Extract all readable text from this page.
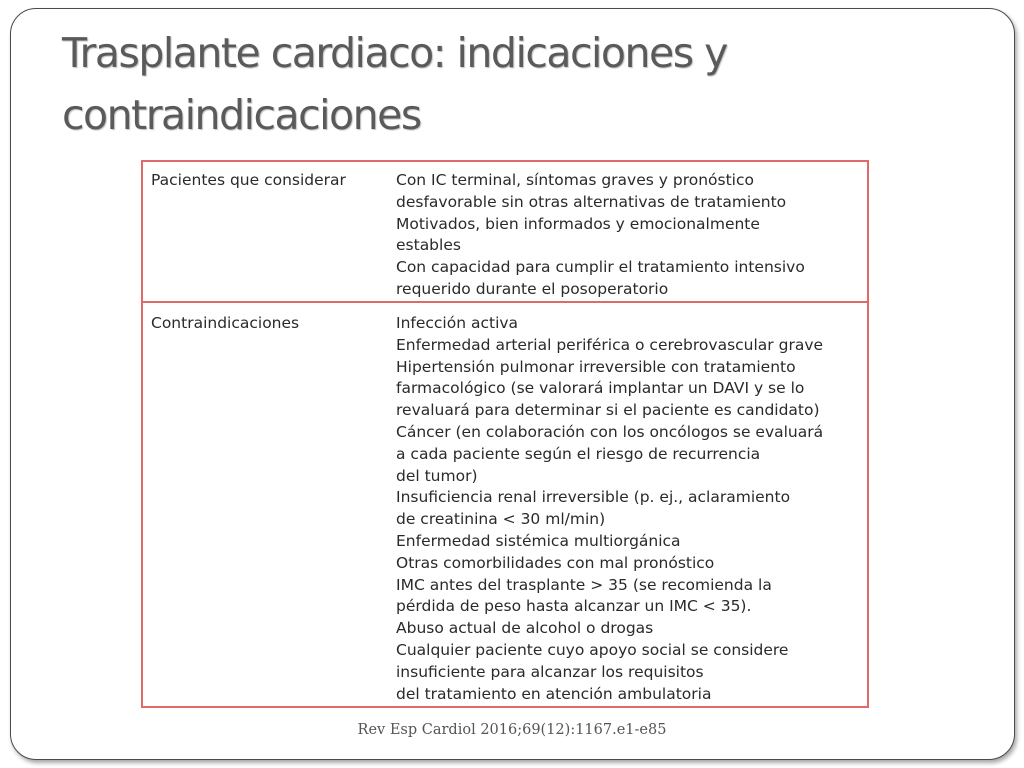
Trasplante cardiaco: indicaciones y contraindicaciones
Pacientes que considerar	Con IC terminal, síntomas graves y pronóstico
desfavorable sin otras alternativas de tratamiento
Motivados, bien informados y emocionalmente
estables
Con capacidad para cumplir el tratamiento intensivo
requerido durante el posoperatorio
Contraindicaciones	Infección activa
Enfermedad arterial periférica o cerebrovascular grave
Hipertensión pulmonar irreversible con tratamiento
farmacológico (se valorará implantar un DAVI y se lo
revaluará para determinar si el paciente es candidato)
Cáncer (en colaboración con los oncólogos se evaluará
a cada paciente según el riesgo de recurrencia
del tumor)
Insuficiencia renal irreversible (p. ej., aclaramiento
de creatinina < 30 ml/min)
Enfermedad sistémica multiorgánica
Otras comorbilidades con mal pronóstico
IMC antes del trasplante > 35 (se recomienda la
pérdida de peso hasta alcanzar un IMC < 35).
Abuso actual de alcohol o drogas
Cualquier paciente cuyo apoyo social se considere
insuficiente para alcanzar los requisitos
del tratamiento en atención ambulatoria
Rev Esp Cardiol 2016;69(12):1167.e1-e85
